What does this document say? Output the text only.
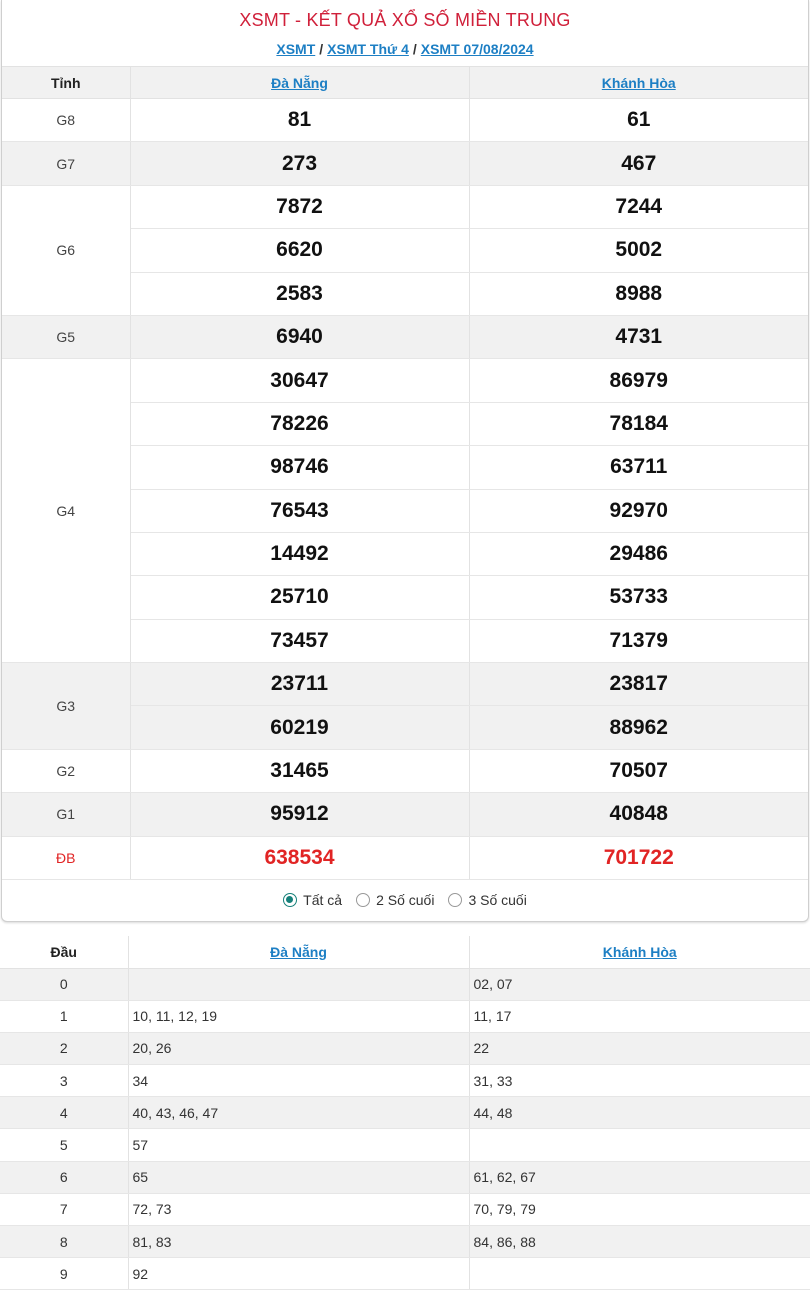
XSMT - KẾT QUẢ XỔ SỐ MIỀN TRUNG
XSMT / XSMT Thứ 4 / XSMT 07/08/2024
Tỉnh	Đà Nẵng	Khánh Hòa
G8	81	61
G7	273	467
G6	7872	7244
	6620	5002
	2583	8988
G5	6940	4731
G4	30647	86979
	78226	78184
	98746	63711
	76543	92970
	14492	29486
	25710	53733
	73457	71379
G3	23711	23817
	60219	88962
G2	31465	70507
G1	95912	40848
ĐB	638534	701722
Tất cả 2 Số cuối 3 Số cuối
Đầu	Đà Nẵng	Khánh Hòa
0		02, 07
1	10, 11, 12, 19	11, 17
2	20, 26	22
3	34	31, 33
4	40, 43, 46, 47	44, 48
5	57	
6	65	61, 62, 67
7	72, 73	70, 79, 79
8	81, 83	84, 86, 88
9	92	
